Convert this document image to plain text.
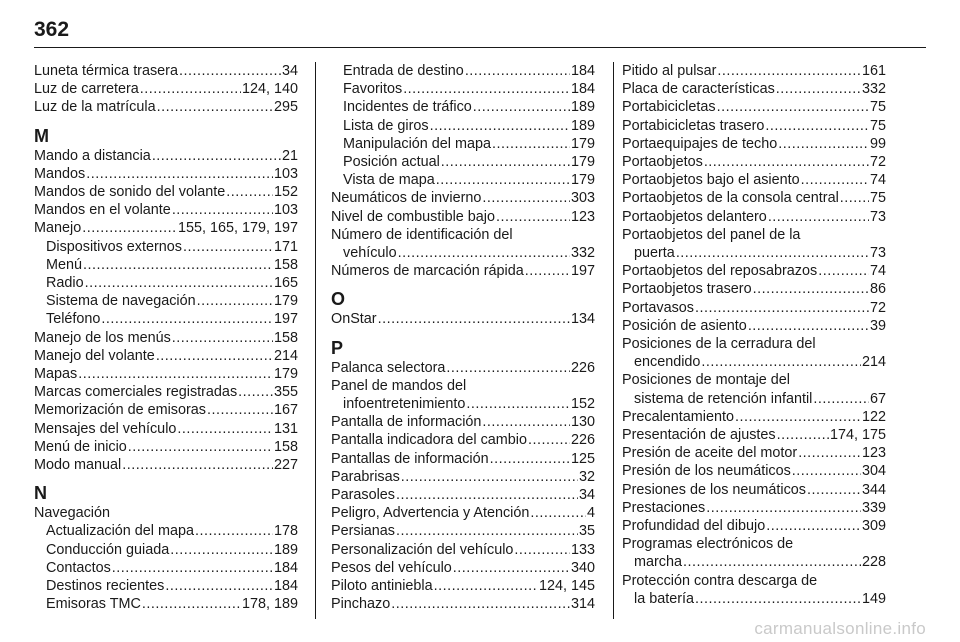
362
Luneta térmica trasera .....	34
Luz de carretera .....	124, 140
Luz de la matrícula .....	295
M
Mando a distancia .....	21
Mandos .....	103
Mandos de sonido del volante .....	152
Mandos en el volante .....	103
Manejo .....	155, 165, 179, 197
Dispositivos externos .....	171
Menú .....	158
Radio .....	165
Sistema de navegación .....	179
Teléfono .....	197
Manejo de los menús .....	158
Manejo del volante .....	214
Mapas .....	179
Marcas comerciales registradas .....	355
Memorización de emisoras .....	167
Mensajes del vehículo .....	131
Menú de inicio .....	158
Modo manual .....	227
N
Navegación
Actualización del mapa .....	178
Conducción guiada .....	189
Contactos .....	184
Destinos recientes .....	184
Emisoras TMC .....	178, 189
Entrada de destino .....	184
Favoritos .....	184
Incidentes de tráfico .....	189
Lista de giros .....	189
Manipulación del mapa .....	179
Posición actual .....	179
Vista de mapa .....	179
Neumáticos de invierno .....	303
Nivel de combustible bajo .....	123
Número de identificación del
vehículo .....	332
Números de marcación rápida .....	197
O
OnStar .....	134
P
Palanca selectora .....	226
Panel de mandos del
infoentretenimiento .....	152
Pantalla de información .....	130
Pantalla indicadora del cambio .....	226
Pantallas de información .....	125
Parabrisas .....	32
Parasoles .....	34
Peligro, Advertencia y Atención .....	4
Persianas .....	35
Personalización del vehículo .....	133
Pesos del vehículo .....	340
Piloto antiniebla .....	124, 145
Pinchazo .....	314
Pitido al pulsar .....	161
Placa de características .....	332
Portabicicletas .....	75
Portabicicletas trasero .....	75
Portaequipajes de techo .....	99
Portaobjetos .....	72
Portaobjetos bajo el asiento .....	74
Portaobjetos de la consola central ..... 75
Portaobjetos delantero .....	73
Portaobjetos del panel de la
puerta .....	73
Portaobjetos del reposabrazos .....	74
Portaobjetos trasero .....	86
Portavasos .....	72
Posición de asiento .....	39
Posiciones de la cerradura del
encendido .....	214
Posiciones de montaje del
sistema de retención infantil .....	67
Precalentamiento .....	122
Presentación de ajustes .....	174, 175
Presión de aceite del motor .....	123
Presión de los neumáticos .....	304
Presiones de los neumáticos .....	344
Prestaciones .....	339
Profundidad del dibujo .....	309
Programas electrónicos de
marcha .....	228
Protección contra descarga de
la batería .....	149
carmanualsonline.info
